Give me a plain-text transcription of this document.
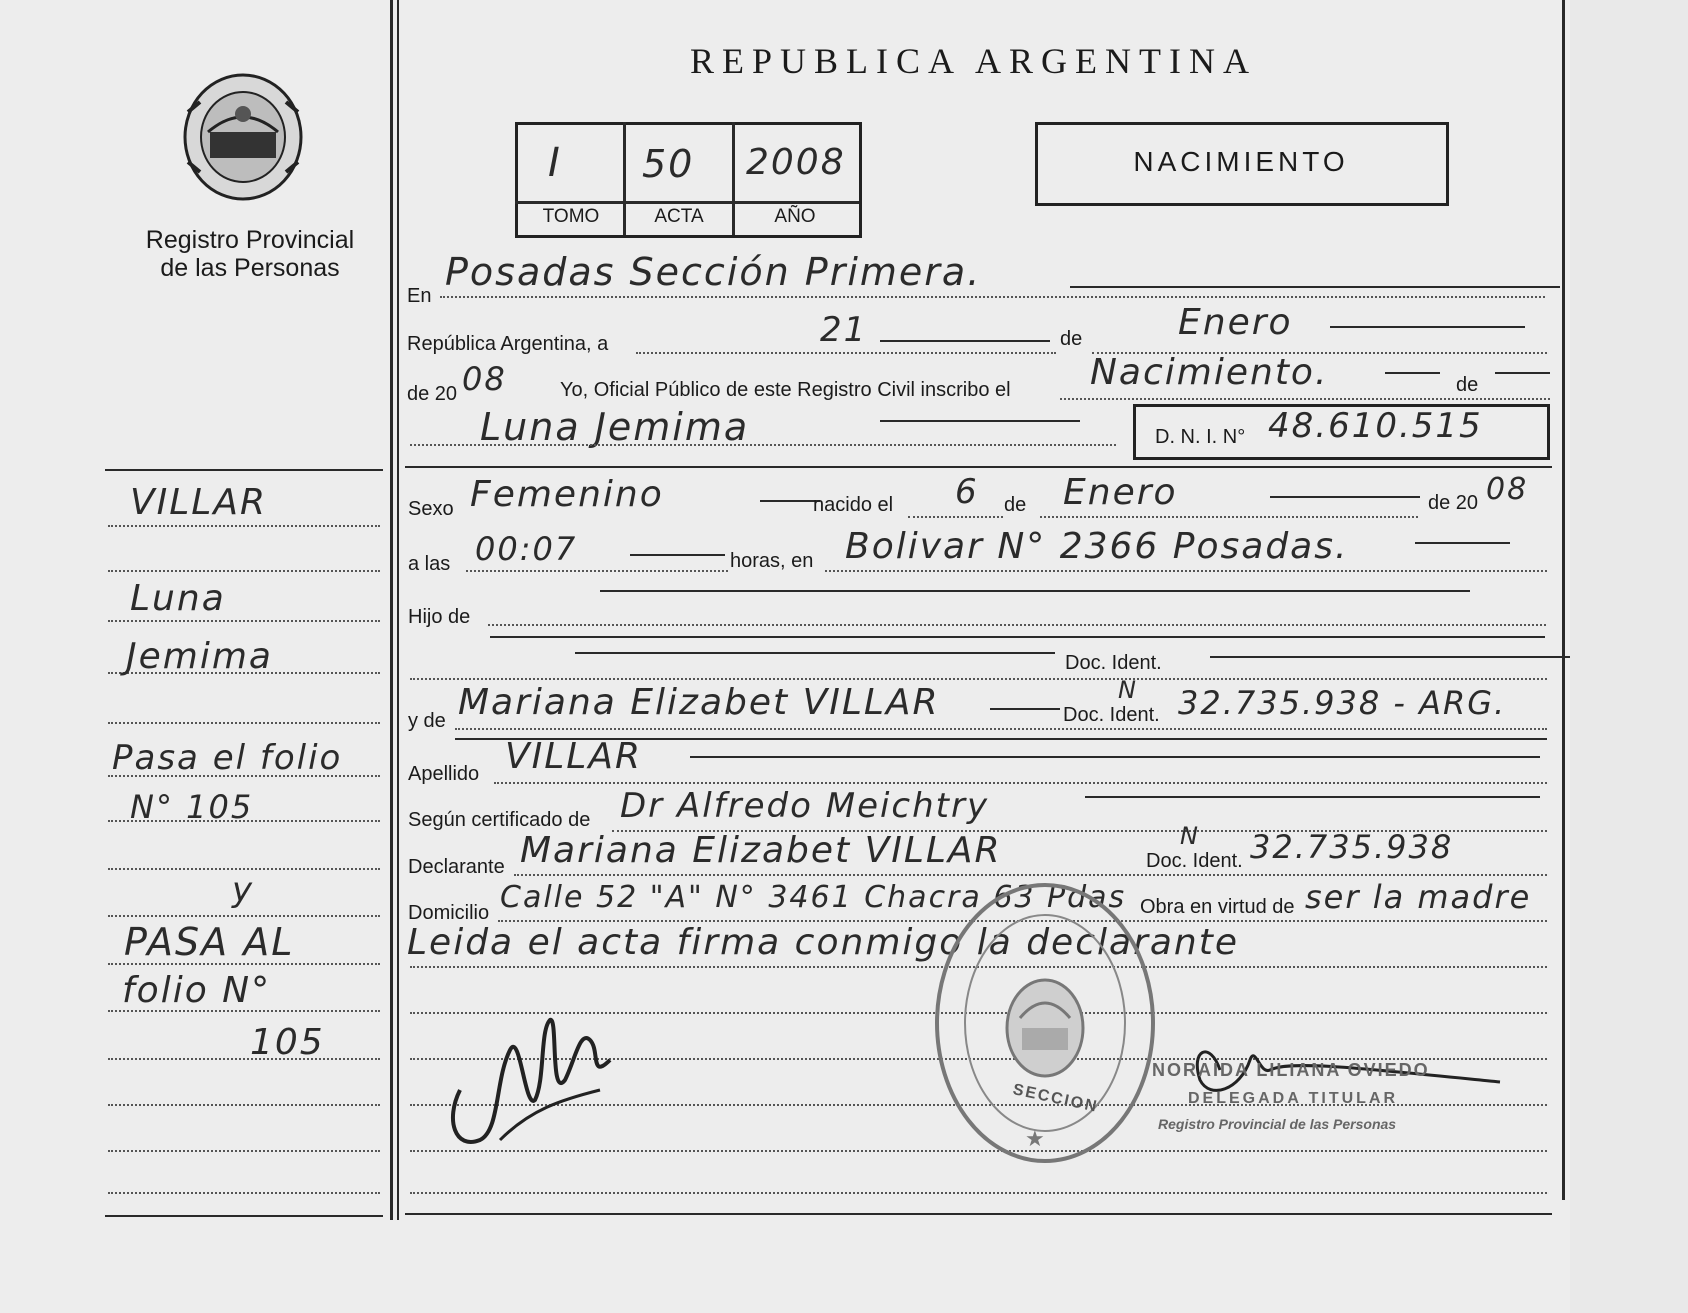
Registro Provincial
de las Personas
VILLAR
Luna
Jemima
Pasa el folio
N° 105
y
PASA AL
folio N°
105
REPUBLICA ARGENTINA
I 50 2008
TOMO	ACTA	AÑO
NACIMIENTO
En
Posadas Sección Primera.
República Argentina, a	21	de	Enero
de 20 08	Yo, Oficial Público de este Registro Civil inscribo el Nacimiento.	de
Luna Jemima	D. N. I. N° 48.610.515
Sexo Femenino	nacido el 6 de Enero	de 20 08
a las 00:07	horas, en Bolivar N° 2366 Posadas.
Hijo de
Doc. Ident.
y de Mariana Elizabet VILLAR	Doc. Ident.
N 32.735.938 - ARG.
Apellido VILLAR
Según certificado de Dr Alfredo Meichtry
Declarante Mariana Elizabet VILLAR	Doc. Ident.
N 32.735.938
Domicilio Calle 52 "A" N° 3461 Chacra 63 Pdas Obra en virtud de ser la madre
Leida el acta firma conmigo la declarante
★
SECCION
NORAIDA LILIANA OVIEDO
DELEGADA TITULAR
Registro Provincial de las Personas
